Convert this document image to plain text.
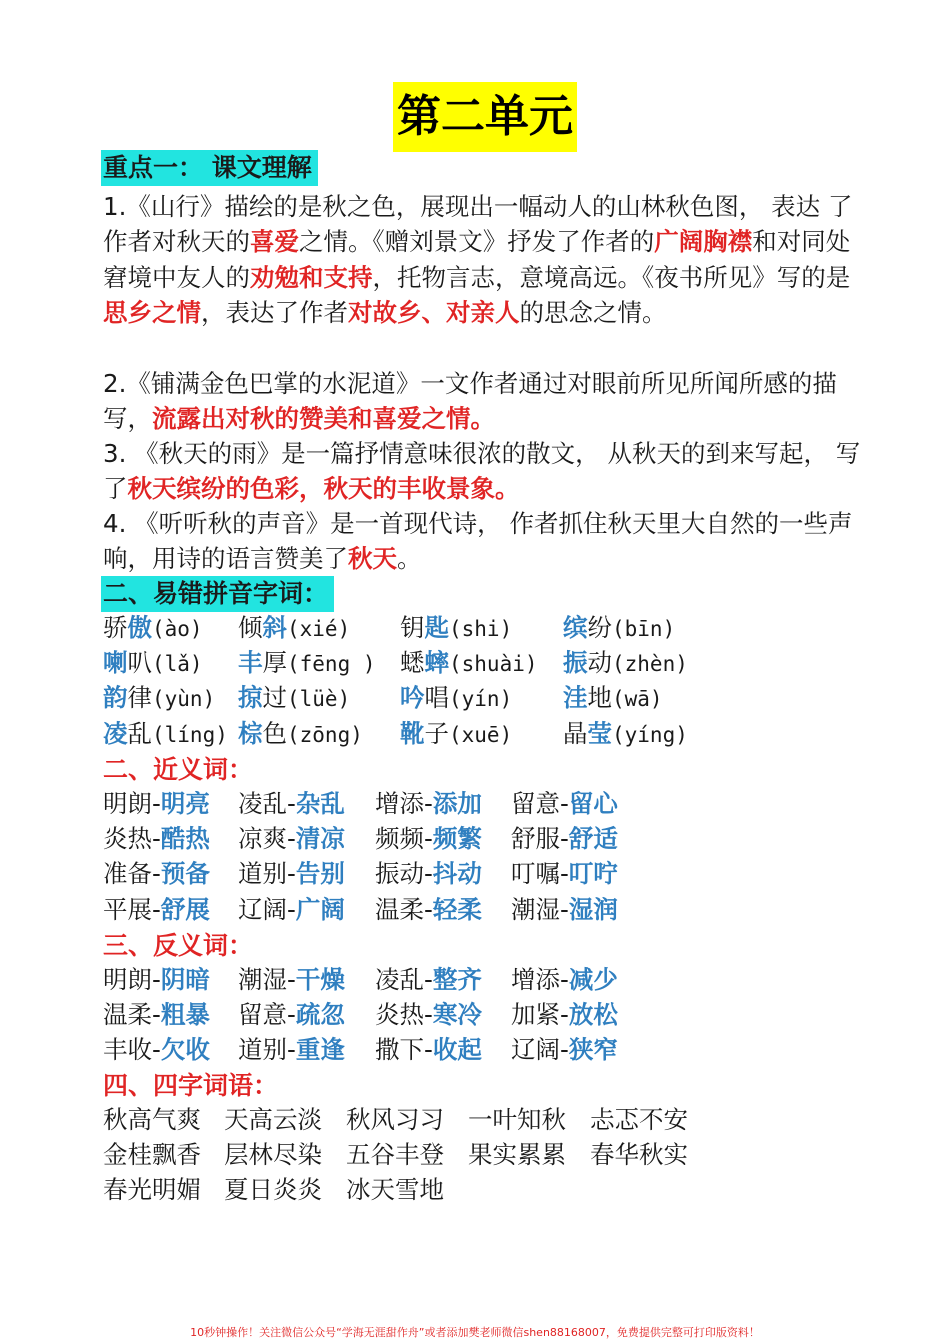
第二单元
重点一： 课文理解
1.《山行》描绘的是秋之色，展现出一幅动人的山林秋色图， 表达 了作者对秋天的喜爱之情。《赠刘景文》抒发了作者的广阔胸襟和对同处窘境中友人的劝勉和支持，托物言志，意境高远。《夜书所见》写的是思乡之情，表达了作者对故乡、对亲人的思念之情。
2.《铺满金色巴掌的水泥道》一文作者通过对眼前所见所闻所感的描写，流露出对秋的赞美和喜爱之情。
3. 《秋天的雨》是一篇抒情意味很浓的散文， 从秋天的到来写起， 写了秋天缤纷的色彩，秋天的丰收景象。
4. 《听听秋的声音》是一首现代诗， 作者抓住秋天里大自然的一些声响，用诗的语言赞美了秋天。
二、易错拼音字词：
骄傲(ào) 倾斜(xié) 钥匙(shi) 缤纷(bīn)
喇叭(lǎ) 丰厚(fēng ) 蟋蟀(shuài) 振动(zhèn)
韵律(yùn) 掠过(lüè) 吟唱(yín) 洼地(wā)
凌乱(líng) 棕色(zōng) 靴子(xuē) 晶莹(yíng)
二、近义词：
明朗-明亮 凌乱-杂乱 增添-添加 留意-留心
炎热-酷热 凉爽-清凉 频频-频繁 舒服-舒适
准备-预备 道别-告别 振动-抖动 叮嘱-叮咛
平展-舒展 辽阔-广阔 温柔-轻柔 潮湿-湿润
三、反义词：
明朗-阴暗 潮湿-干燥 凌乱-整齐 增添-减少
温柔-粗暴 留意-疏忽 炎热-寒冷 加紧-放松
丰收-欠收 道别-重逢 撒下-收起 辽阔-狭窄
四、四字词语：
秋高气爽 天高云淡 秋风习习 一叶知秋 忐忑不安
金桂飘香 层林尽染 五谷丰登 果实累累 春华秋实
春光明媚 夏日炎炎 冰天雪地
10秒钟操作！关注微信公众号“学海无涯甜作舟”或者添加樊老师微信shen88168007，免费提供完整可打印版资料！
